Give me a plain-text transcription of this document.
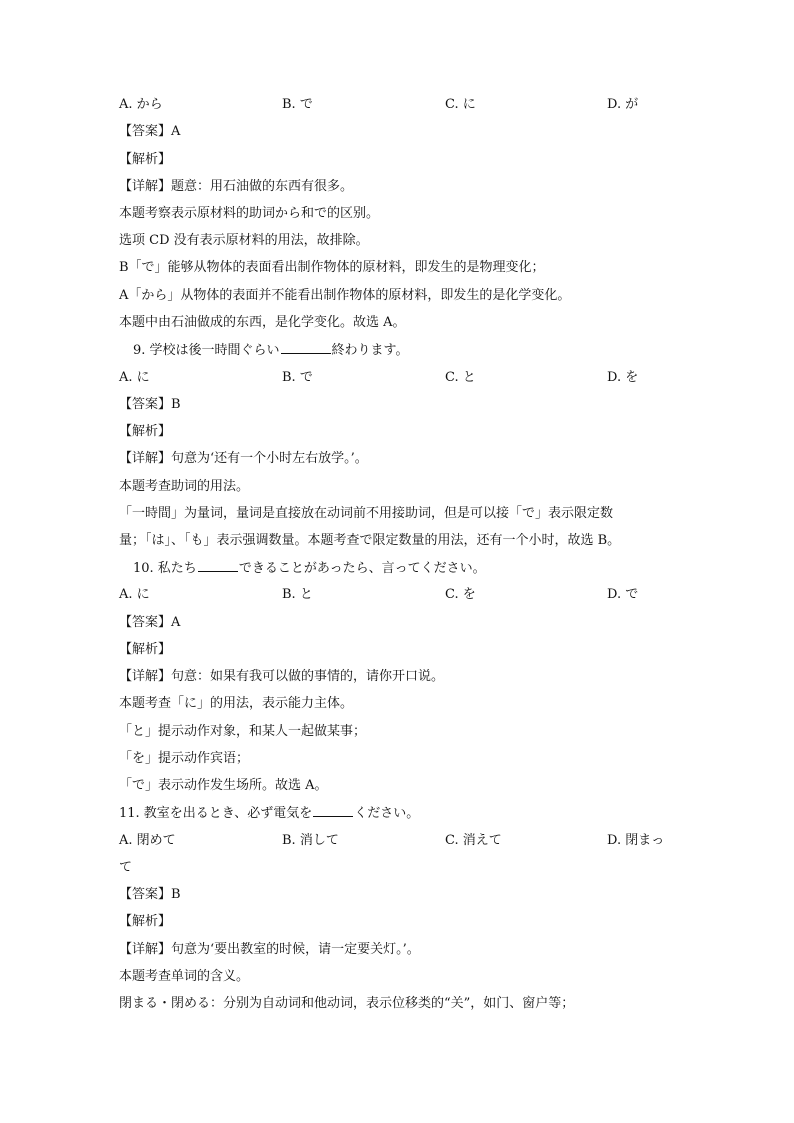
A. から	B. で	C. に	D. が
【答案】A
【解析】
【详解】题意：用石油做的东西有很多。
本题考察表示原材料的助词から和で的区别。
选项 CD 没有表示原材料的用法，故排除。
B「で」能够从物体的表面看出制作物体的原材料，即发生的是物理变化；
A「から」从物体的表面并不能看出制作物体的原材料，即发生的是化学变化。
本题中由石油做成的东西，是化学变化。故选 A。
9. 学校は後一時間ぐらい	終わります。
A. に	B. で	C. と	D. を
【答案】B
【解析】
【详解】句意为‘还有一个小时左右放学。’。
本题考查助词的用法。
「一時間」为量词，量词是直接放在动词前不用接助词，但是可以接「で」表示限定数
量；「は」、「も」表示强调数量。本题考查で限定数量的用法，还有一个小时，故选 B。
10. 私たち	できることがあったら、言ってください。
A. に	B. と	C. を	D. で
【答案】A
【解析】
【详解】句意：如果有我可以做的事情的，请你开口说。
本题考查「に」的用法，表示能力主体。
「と」提示动作对象，和某人一起做某事；
「を」提示动作宾语；
「で」表示动作发生场所。故选 A。
11. 教室を出るとき、必ず電気を	ください。
A. 閉めて	B. 消して	C. 消えて	D. 閉まっ
て
【答案】B
【解析】
【详解】句意为‘要出教室的时候，请一定要关灯。’。
本题考查单词的含义。
閉まる・閉める：分别为自动词和他动词，表示位移类的“关”，如门、窗户等；
